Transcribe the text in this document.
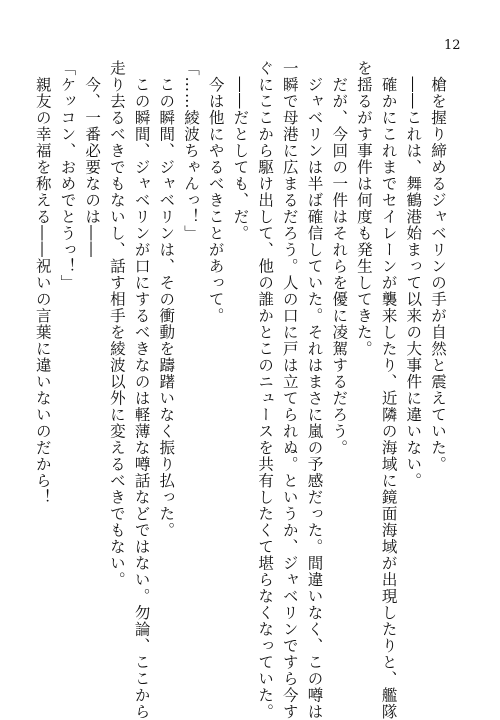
12
　槍を握り締めるジャベリンの手が自然と震えていた。
　――これは、舞鶴港始まって以来の大事件に違いない。
　確かにこれまでセイレーンが襲来したり、近隣の海域に鏡面海域が出現したりと、艦隊
を揺るがす事件は何度も発生してきた。
　だが、今回の一件はそれらを優に凌駕するだろう。
　ジャベリンは半ば確信していた。それはまさに嵐の予感だった。間違いなく、この噂は
一瞬で母港に広まるだろう。人の口に戸は立てられぬ。というか、ジャベリンですら今す
ぐにここから駆け出して、他の誰かとこのニュースを共有したくて堪らなくなっていた。
　――だとしても、だ。
　今は他にやるべきことがあって。
「……綾波ちゃんっ！」
　この瞬間、ジャベリンは、その衝動を躊躇いなく振り払った。
　この瞬間、ジャベリンが口にするべきなのは軽薄な噂話などではない。勿論、ここから
走り去るべきでもないし、話す相手を綾波以外に変えるべきでもない。
　今、一番必要なのは――
「ケッコン、おめでとうっ！」
　親友の幸福を称える――祝いの言葉に違いないのだから！
